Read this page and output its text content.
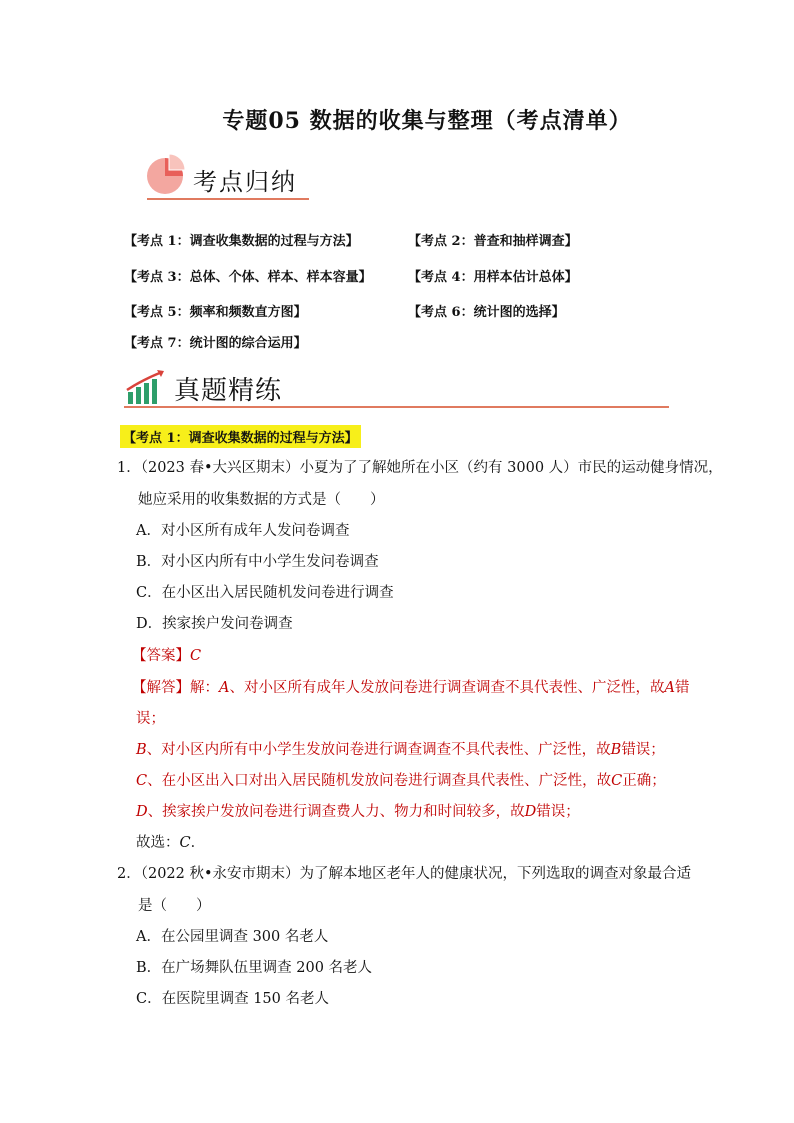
专题05 数据的收集与整理（考点清单）
考点归纳
【考点 1：调查收集数据的过程与方法】	【考点 2：普查和抽样调查】
【考点 3：总体、个体、样本、样本容量】	【考点 4：用样本估计总体】
【考点 5：频率和频数直方图】	【考点 6：统计图的选择】
【考点 7：统计图的综合运用】
真题精练
【考点 1：调查收集数据的过程与方法】
1．（2023 春•大兴区期末）小夏为了了解她所在小区（约有 3000 人）市民的运动健身情况，
她应采用的收集数据的方式是（　　）
A．对小区所有成年人发问卷调查
B．对小区内所有中小学生发问卷调查
C．在小区出入居民随机发问卷进行调查
D．挨家挨户发问卷调查
【答案】C
【解答】解：A、对小区所有成年人发放问卷进行调查调查不具代表性、广泛性，故A错
误；
B、对小区内所有中小学生发放问卷进行调查调查不具代表性、广泛性，故B错误；
C、在小区出入口对出入居民随机发放问卷进行调查具代表性、广泛性，故C正确；
D、挨家挨户发放问卷进行调查费人力、物力和时间较多，故D错误；
故选：C．
2．（2022 秋•永安市期末）为了解本地区老年人的健康状况，下列选取的调查对象最合适
是（　　）
A．在公园里调查 300 名老人
B．在广场舞队伍里调查 200 名老人
C．在医院里调查 150 名老人
